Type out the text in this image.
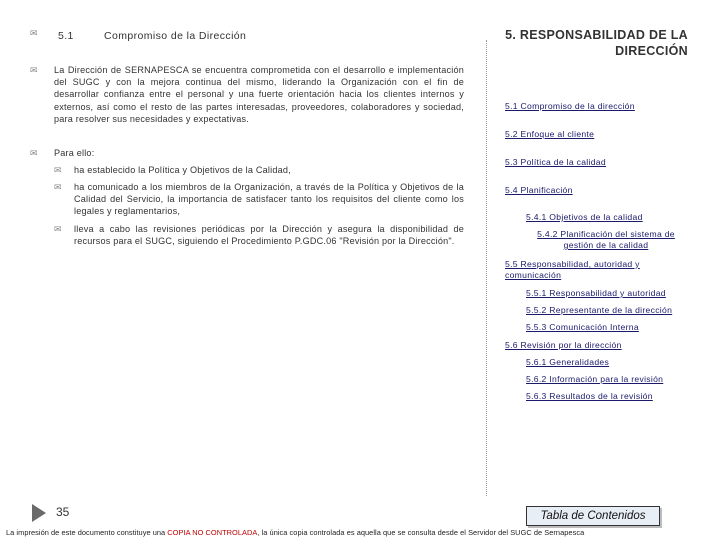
✉ 5.1	Compromiso de la Dirección
✉ La Dirección de SERNAPESCA se encuentra comprometida con el desarrollo e implementación del SUGC y con la mejora continua del mismo, liderando la Organización con el fin de desarrollar confianza entre el personal y una fuerte orientación hacia los clientes internos y externos, así como el resto de las partes interesadas, proveedores, colaboradores y sociedad, para resolver sus necesidades y expectativas.
✉ Para ello:
✉ ha establecido la Política y Objetivos de la Calidad,
✉ ha comunicado a los miembros de la Organización, a través de la Política y Objetivos de la Calidad del Servicio, la importancia de satisfacer tanto los requisitos del cliente como los legales y reglamentarios,
✉ lleva a cabo las revisiones periódicas por la Dirección y asegura la disponibilidad de recursos para el SUGC, siguiendo el Procedimiento P.GDC.06 "Revisión por la Dirección".
5. RESPONSABILIDAD DE LA DIRECCIÓN
5.1 Compromiso de la dirección
5.2 Enfoque al cliente
5.3 Política de la calidad
5.4 Planificación
5.4.1 Objetivos de la calidad
5.4.2 Planificación del sistema de gestión de la calidad
5.5 Responsabilidad, autoridad y comunicación
5.5.1 Responsabilidad y autoridad
5.5.2 Representante de la dirección
5.5.3 Comunicación Interna
5.6 Revisión por la dirección
5.6.1 Generalidades
5.6.2 Información para la revisión
5.6.3 Resultados de la revisión
35	Tabla de Contenidos
La impresión de este documento constituye una COPIA NO CONTROLADA, la única copia controlada es aquella que se consulta desde el Servidor del SUGC de Sernapesca
